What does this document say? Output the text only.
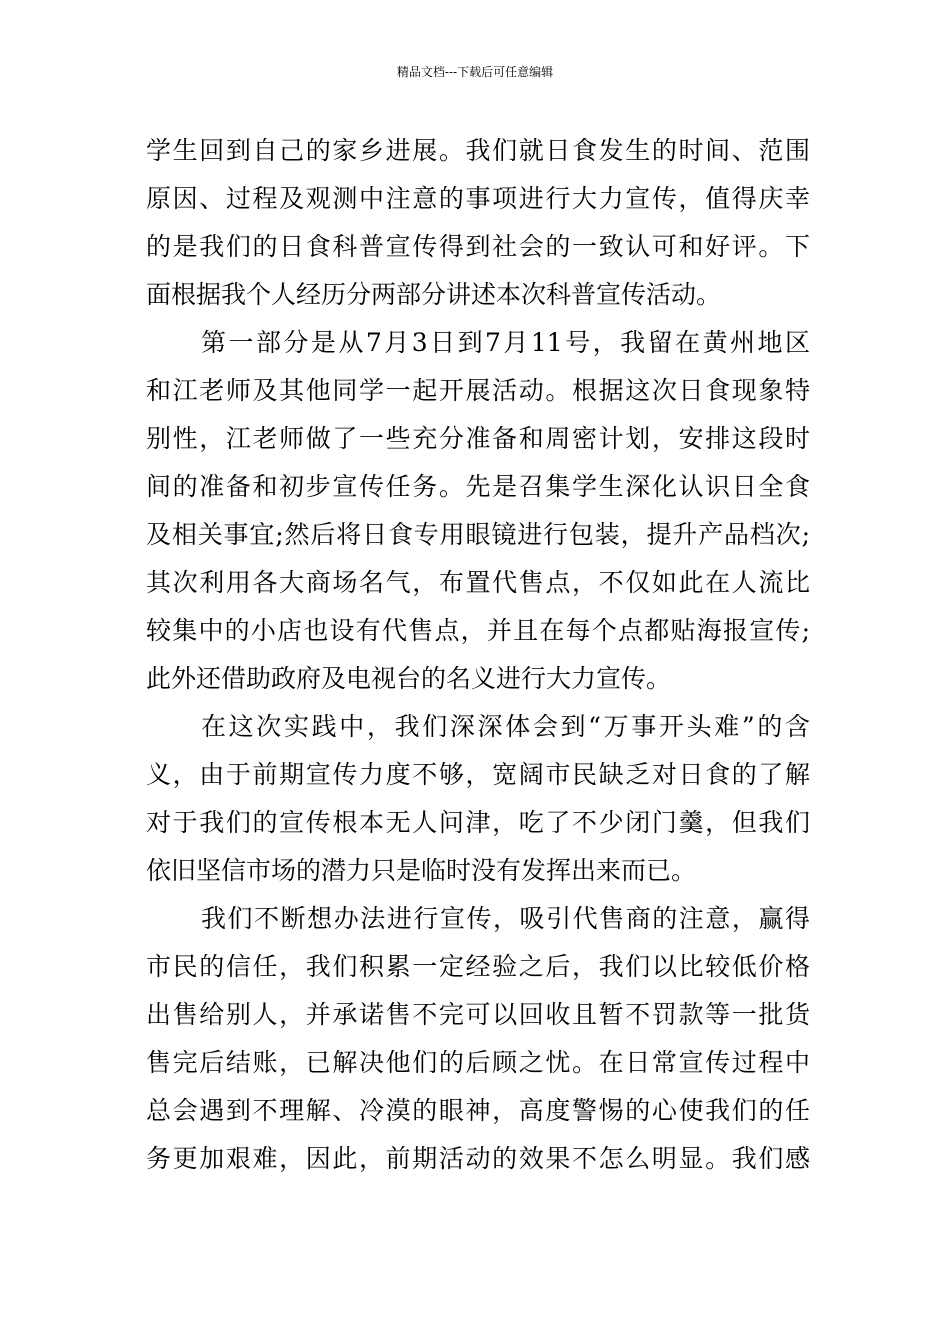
精品文档---下载后可任意编辑
学生回到自己的家乡进展。我们就日食发生的时间、范围
原因、过程及观测中注意的事项进行大力宣传，值得庆幸
的是我们的日食科普宣传得到社会的一致认可和好评。下
面根据我个人经历分两部分讲述本次科普宣传活动。
第一部分是从7月3日到7月11号，我留在黄州地区
和江老师及其他同学一起开展活动。根据这次日食现象特
别性，江老师做了一些充分准备和周密计划，安排这段时
间的准备和初步宣传任务。先是召集学生深化认识日全食
及相关事宜;然后将日食专用眼镜进行包装，提升产品档次;
其次利用各大商场名气，布置代售点，不仅如此在人流比
较集中的小店也设有代售点，并且在每个点都贴海报宣传;
此外还借助政府及电视台的名义进行大力宣传。
在这次实践中，我们深深体会到“万事开头难”的含
义，由于前期宣传力度不够，宽阔市民缺乏对日食的了解
对于我们的宣传根本无人问津，吃了不少闭门羹，但我们
依旧坚信市场的潜力只是临时没有发挥出来而已。
我们不断想办法进行宣传，吸引代售商的注意，赢得
市民的信任，我们积累一定经验之后，我们以比较低价格
出售给别人，并承诺售不完可以回收且暂不罚款等一批货
售完后结账，已解决他们的后顾之忧。在日常宣传过程中
总会遇到不理解、冷漠的眼神，高度警惕的心使我们的任
务更加艰难，因此，前期活动的效果不怎么明显。我们感
